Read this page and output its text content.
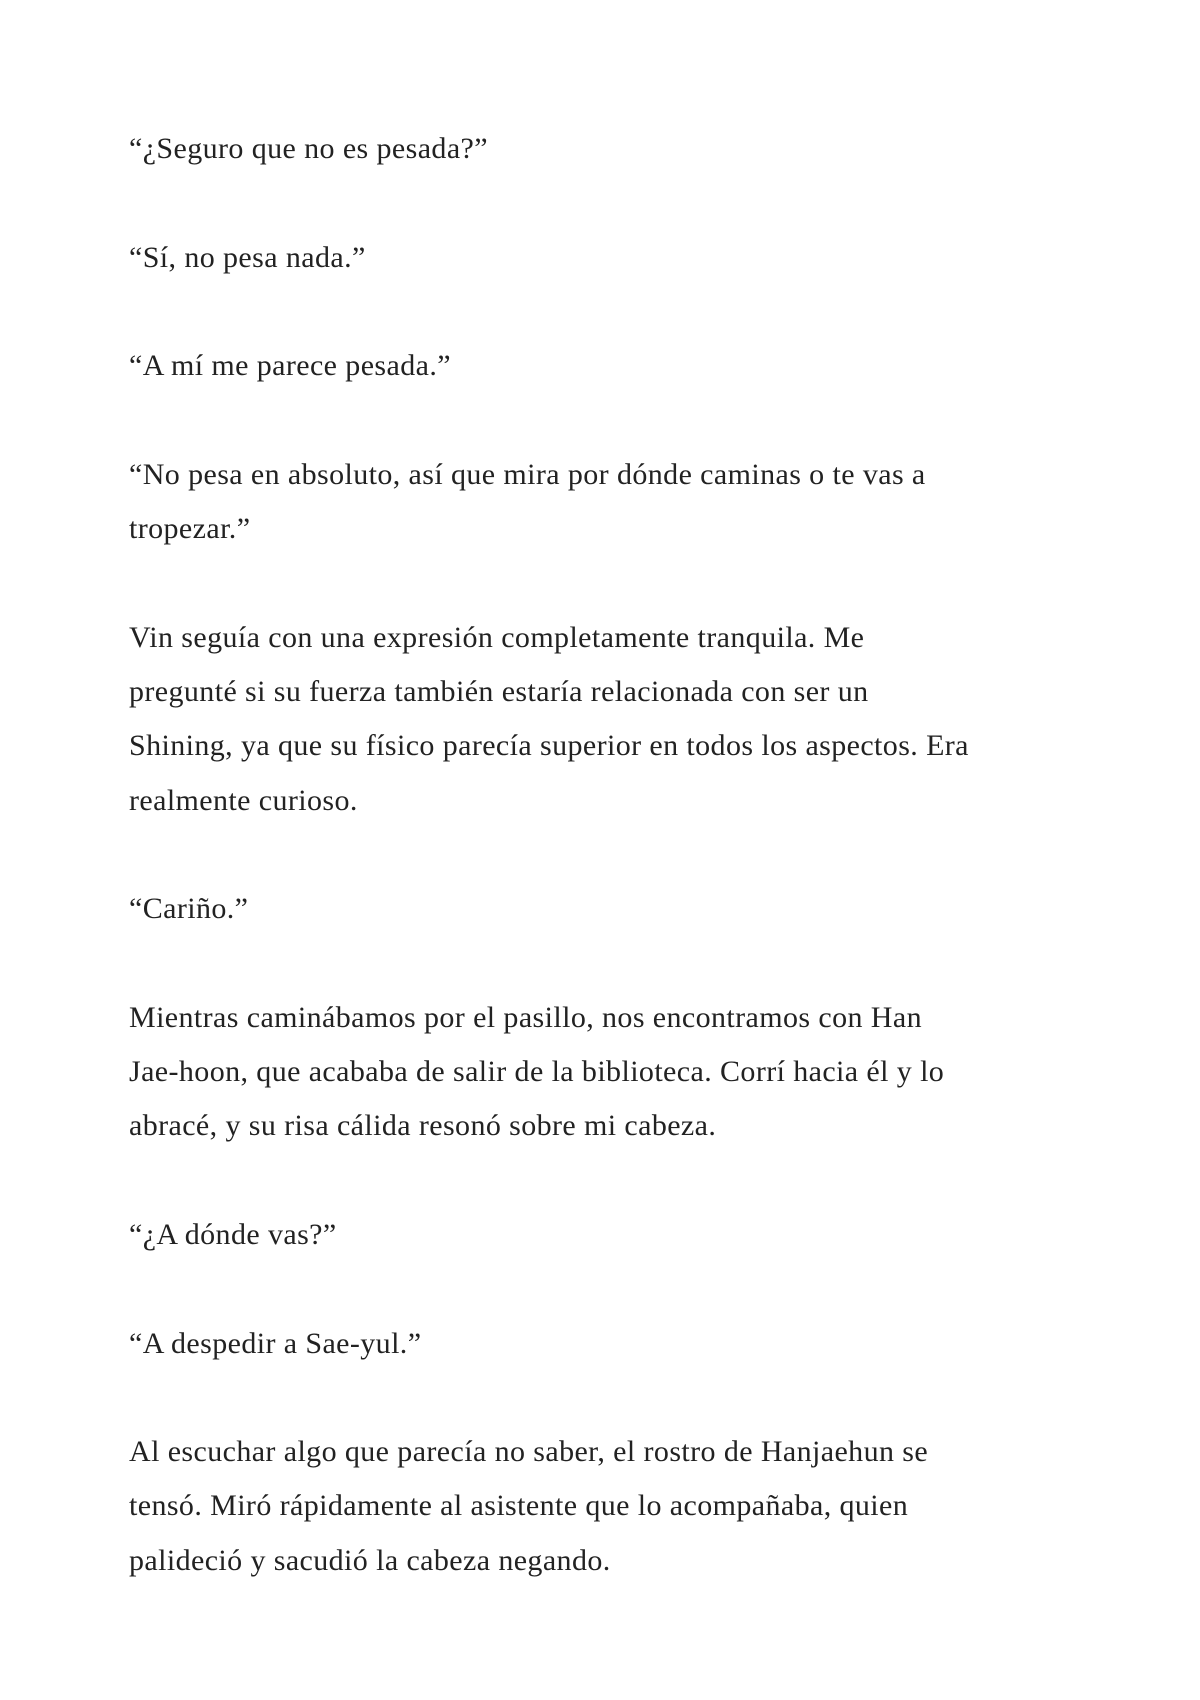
“¿Seguro que no es pesada?”

“Sí, no pesa nada.”

“A mí me parece pesada.”

“No pesa en absoluto, así que mira por dónde caminas o te vas a
tropezar.”

Vin seguía con una expresión completamente tranquila. Me
pregunté si su fuerza también estaría relacionada con ser un
Shining, ya que su físico parecía superior en todos los aspectos. Era
realmente curioso.

“Cariño.”

Mientras caminábamos por el pasillo, nos encontramos con Han
Jae-hoon, que acababa de salir de la biblioteca. Corrí hacia él y lo
abracé, y su risa cálida resonó sobre mi cabeza.

“¿A dónde vas?”

“A despedir a Sae-yul.”

Al escuchar algo que parecía no saber, el rostro de Hanjaehun se
tensó. Miró rápidamente al asistente que lo acompañaba, quien
palideció y sacudió la cabeza negando.
